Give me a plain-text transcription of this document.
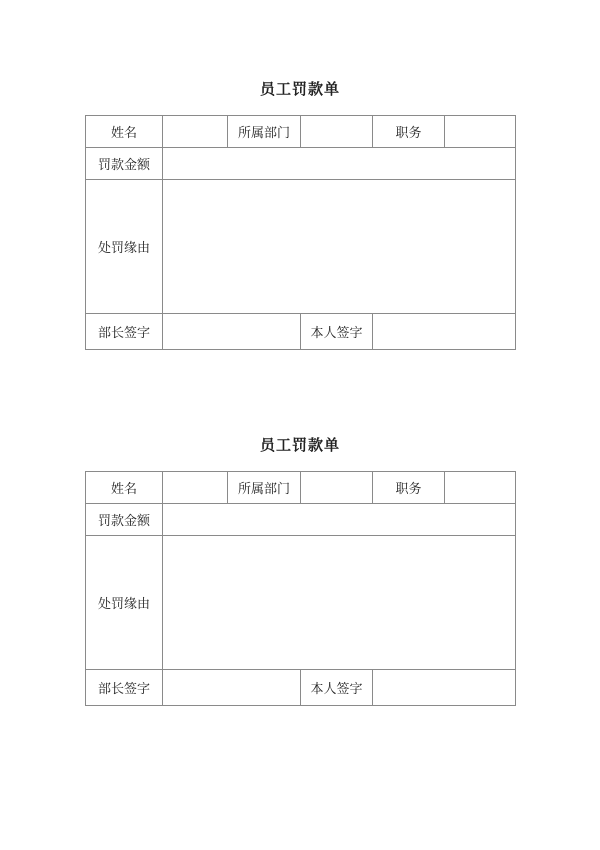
员工罚款单
姓名		所属部门		职务	
罚款金额					
处罚缘由					
部长签字			本人签字		
员工罚款单
姓名		所属部门		职务	
罚款金额					
处罚缘由					
部长签字			本人签字		
